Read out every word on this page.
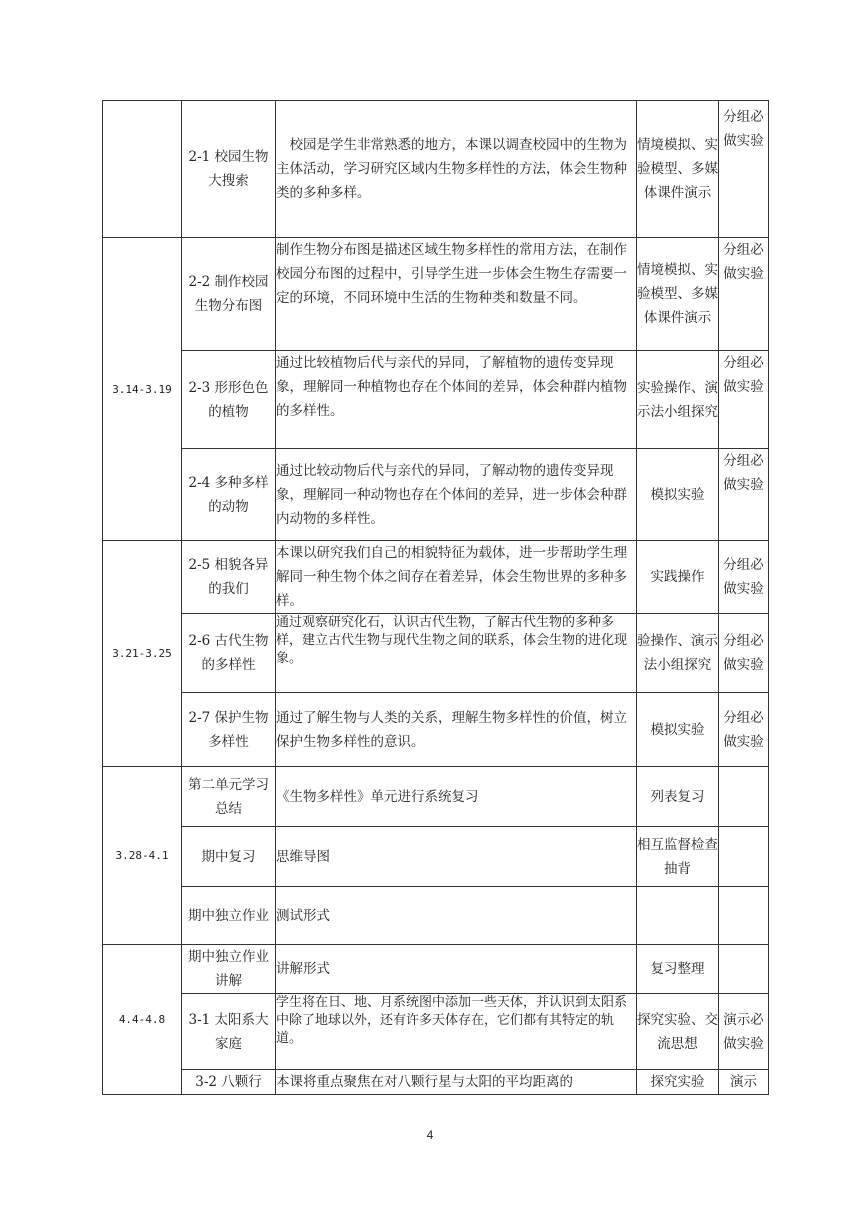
	2-1 校园生物大搜索	　校园是学生非常熟悉的地方，本课以调查校园中的生物为主体活动，学习研究区域内生物多样性的方法，体会生物种类的多种多样。	情境模拟、实验模型、多媒体课件演示	分组必做实验
3.14-3.19	2-2 制作校园生物分布图	制作生物分布图是描述区域生物多样性的常用方法，在制作校园分布图的过程中，引导学生进一步体会生物生存需要一定的环境，不同环境中生活的生物种类和数量不同。	情境模拟、实验模型、多媒体课件演示	分组必做实验
	2-3 形形色色的植物	通过比较植物后代与亲代的异同，了解植物的遗传变异现象，理解同一种植物也存在个体间的差异，体会种群内植物的多样性。	实验操作、演示法小组探究	分组必做实验
	2-4 多种多样的动物	通过比较动物后代与亲代的异同，了解动物的遗传变异现象，理解同一种动物也存在个体间的差异，进一步体会种群内动物的多样性。	模拟实验	分组必做实验
3.21-3.25	2-5 相貌各异的我们	本课以研究我们自己的相貌特征为载体，进一步帮助学生理解同一种生物个体之间存在着差异，体会生物世界的多种多样。	实践操作	分组必做实验
	2-6 古代生物的多样性	通过观察研究化石，认识古代生物，了解古代生物的多种多样，建立古代生物与现代生物之间的联系，体会生物的进化现象。	验操作、演示法小组探究	分组必做实验
	2-7 保护生物多样性	通过了解生物与人类的关系，理解生物多样性的价值，树立保护生物多样性的意识。	模拟实验	分组必做实验
3.28-4.1	第二单元学习总结	《生物多样性》单元进行系统复习	列表复习	
	期中复习	思维导图	相互监督检查抽背	
	期中独立作业	测试形式		
4.4-4.8	期中独立作业讲解	讲解形式	复习整理	
	3-1 太阳系大家庭	学生将在日、地、月系统图中添加一些天体，并认识到太阳系中除了地球以外，还有许多天体存在，它们都有其特定的轨道。	探究实验、交流思想	演示必做实验
	3-2 八颗行	本课将重点聚焦在对八颗行星与太阳的平均距离的	探究实验	演示
4
